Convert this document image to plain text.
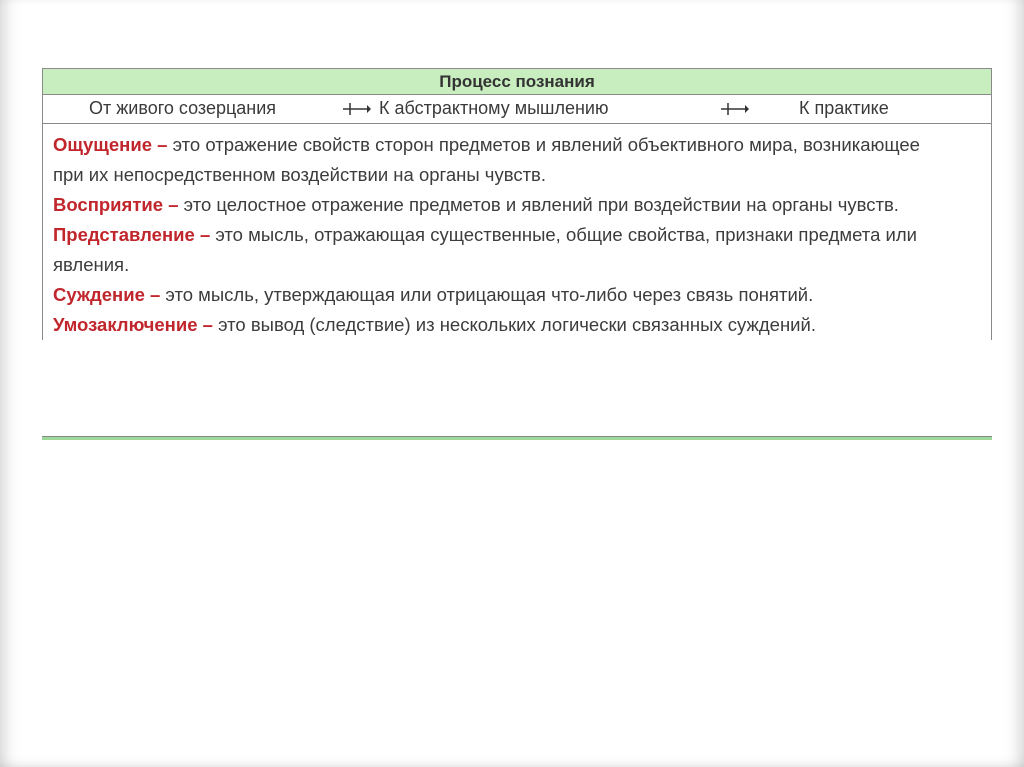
Процесс познания
От живого созерцания	К абстрактному мышлению	К практике
Ощущение – это отражение свойств сторон предметов и явлений объективного мира, возникающее при их непосредственном воздействии на органы чувств.
Восприятие – это целостное отражение предметов и явлений при воздействии на органы чувств.
Представление – это мысль, отражающая существенные, общие свойства, признаки предмета или явления.
Суждение – это мысль, утверждающая или отрицающая что-либо через связь понятий.
Умозаключение – это вывод (следствие) из нескольких логически связанных суждений.
